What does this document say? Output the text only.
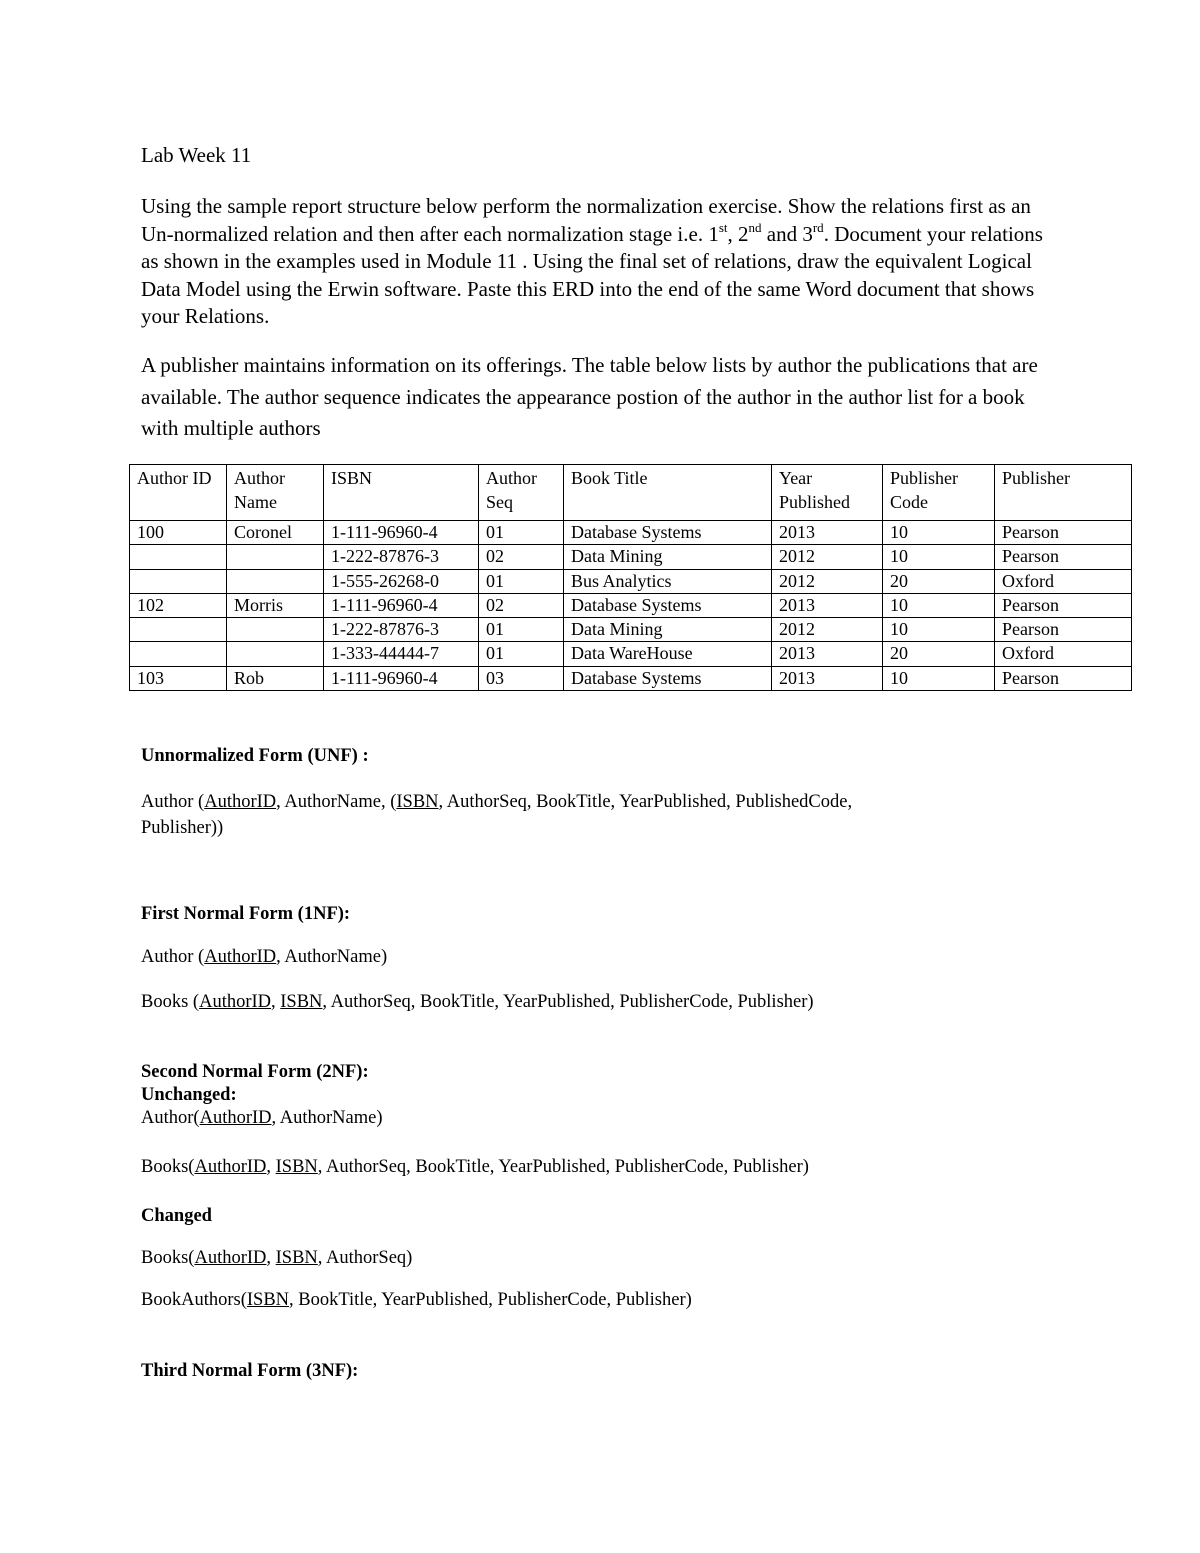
Lab Week 11
Using the sample report structure below perform the normalization exercise. Show the relations first as an Un-normalized relation and then after each normalization stage i.e. 1st, 2nd and 3rd. Document your relations as shown in the examples used in Module 11 . Using the final set of relations, draw the equivalent Logical Data Model using the Erwin software. Paste this ERD into the end of the same Word document that shows your Relations.
A publisher maintains information on its offerings. The table below lists by author the publications that are available. The author sequence indicates the appearance postion of the author in the author list for a book with multiple authors
Author ID	Author Name	ISBN	Author Seq	Book Title	Year Published	Publisher Code	Publisher
100	Coronel	1-111-96960-4	01	Database Systems	2013	10	Pearson
		1-222-87876-3	02	Data Mining	2012	10	Pearson
		1-555-26268-0	01	Bus Analytics	2012	20	Oxford
102	Morris	1-111-96960-4	02	Database Systems	2013	10	Pearson
		1-222-87876-3	01	Data Mining	2012	10	Pearson
		1-333-44444-7	01	Data WareHouse	2013	20	Oxford
103	Rob	1-111-96960-4	03	Database Systems	2013	10	Pearson
Unnormalized Form (UNF) :
Author (AuthorID, AuthorName, (ISBN, AuthorSeq, BookTitle, YearPublished, PublishedCode,
Publisher))
First Normal Form (1NF):
Author (AuthorID, AuthorName)
Books (AuthorID, ISBN, AuthorSeq, BookTitle, YearPublished, PublisherCode, Publisher)
Second Normal Form (2NF):
Unchanged:
Author(AuthorID, AuthorName)
Books(AuthorID, ISBN, AuthorSeq, BookTitle, YearPublished, PublisherCode, Publisher)
Changed
Books(AuthorID, ISBN, AuthorSeq)
BookAuthors(ISBN, BookTitle, YearPublished, PublisherCode, Publisher)
Third Normal Form (3NF):
